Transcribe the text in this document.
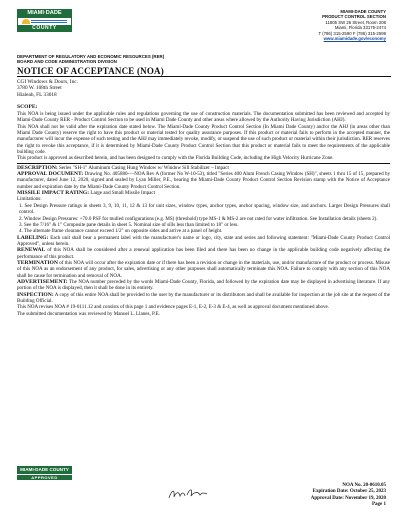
MIAMI·DADE
COUNTY
MIAMI-DADE COUNTY
PRODUCT CONTROL SECTION
11805 SW 26 Street, Room 208
Miami, Florida 33175-2474
T (786) 315-2590 F (786) 315-2599
www.miamidade.gov/economy
DEPARTMENT OF REGULATORY AND ECONOMIC RESOURCES (RER)
BOARD AND CODE ADMINISTRATION DIVISION
NOTICE OF ACCEPTANCE (NOA)
CGI Windows & Doors, Inc.
3780 W. 108th Street
Hialeah, FL 33018
SCOPE:

This NOA is being issued under the applicable rules and regulations governing the use of construction materials. The documentation submitted has been reviewed and accepted by Miami-Dade County RER - Product Control Section to be used in Miami Dade County and other areas where allowed by the Authority Having Jurisdiction (AHJ).

This NOA shall not be valid after the expiration date stated below. The Miami-Dade County Product Control Section (In Miami Dade County) and/or the AHJ (in areas other than Miami Dade County) reserve the right to have this product or material tested for quality assurance purposes. If this product or material fails to perform in the accepted manner, the manufacturer will incur the expense of such testing and the AHJ may immediately revoke, modify, or suspend the use of such product or material within their jurisdiction. RER reserves the right to revoke this acceptance, if it is determined by Miami-Dade County Product Control Section that this product or material fails to meet the requirements of the applicable building code.

This product is approved as described herein, and has been designed to comply with the Florida Building Code, including the High Velocity Hurricane Zone.

DESCRIPTION: Series "SH-1" Aluminum Casing Hung Window w/ Window Sill Stabilizer – Impact

APPROVAL DOCUMENT: Drawing No. 405880-—NOA Rev A (former No W-10-53), titled "Series 400 Alum French Casing Window (SH)", sheets 1 thru 15 of 15, prepared by manufacturer, dated June 12, 2020, signed and sealed by Lyan Miller, P.E., bearing the Miami-Dade County Product Control Section Revision stamp with the Notice of Acceptance number and expiration date by the Miami-Dade County Product Control Section.

MISSILE IMPACT RATING: Large and Small Missile Impact

Limitations:

1. See Design Pressure ratings in sheets 3, 9, 10, 11, 12 & 13 for unit sizes, window types, anchor types, anchor spacing, window size, and anchors. Larger Design Pressures shall control.
2. Window Design Pressures: +70.0 PSF for mulled configurations (e.g. MS) (threshold) type MS-1 & MS-2 are not rated for water infiltration. See Installation details (sheets 2).
3. See the 7/16" & 1" Composite pane details in sheet 5. Nominal size of sills less than limited to 18" or less.
4. The alternate frame clearance cannot exceed 1/2" on opposite sides and arrive at a panel of height.

LABELING: Each unit shall bear a permanent label with the manufacturer's name or logo, city, state and series and following statement: "Miami-Dade County Product Control Approved", unless herein.

RENEWAL of this NOA shall be considered after a renewal application has been filed and there has been no change in the applicable building code negatively affecting the performance of this product.

TERMINATION of this NOA will occur after the expiration date or if there has been a revision or change in the materials, use, and/or manufacture of the product or process. Misuse of this NOA as an endorsement of any product, for sales, advertising or any other purposes shall automatically terminate this NOA. Failure to comply with any section of this NOA shall be cause for termination and removal of NOA.

ADVERTISEMENT: The NOA number preceded by the words Miami-Dade County, Florida, and followed by the expiration date may be displayed in advertising literature. If any portion of the NOA is displayed, then it shall be done in its entirety.

INSPECTION: A copy of this entire NOA shall be provided to the user by the manufacturer or its distributors and shall be available for inspection at the job site at the request of the Building Official.

This NOA revises NOA # 19-0111.12 and consists of this page 1 and evidence pages E-1, E-2, E-3 & E-4, as well as approval document mentioned above.

The submitted documentation was reviewed by Manuel L. Llanes, P.E.

MIAMI-DADE COUNTY
APPROVED
NOA No. 20-0610.05
Expiration Date: October 25, 2023
Approval Date: November 19, 2020
Page 1
